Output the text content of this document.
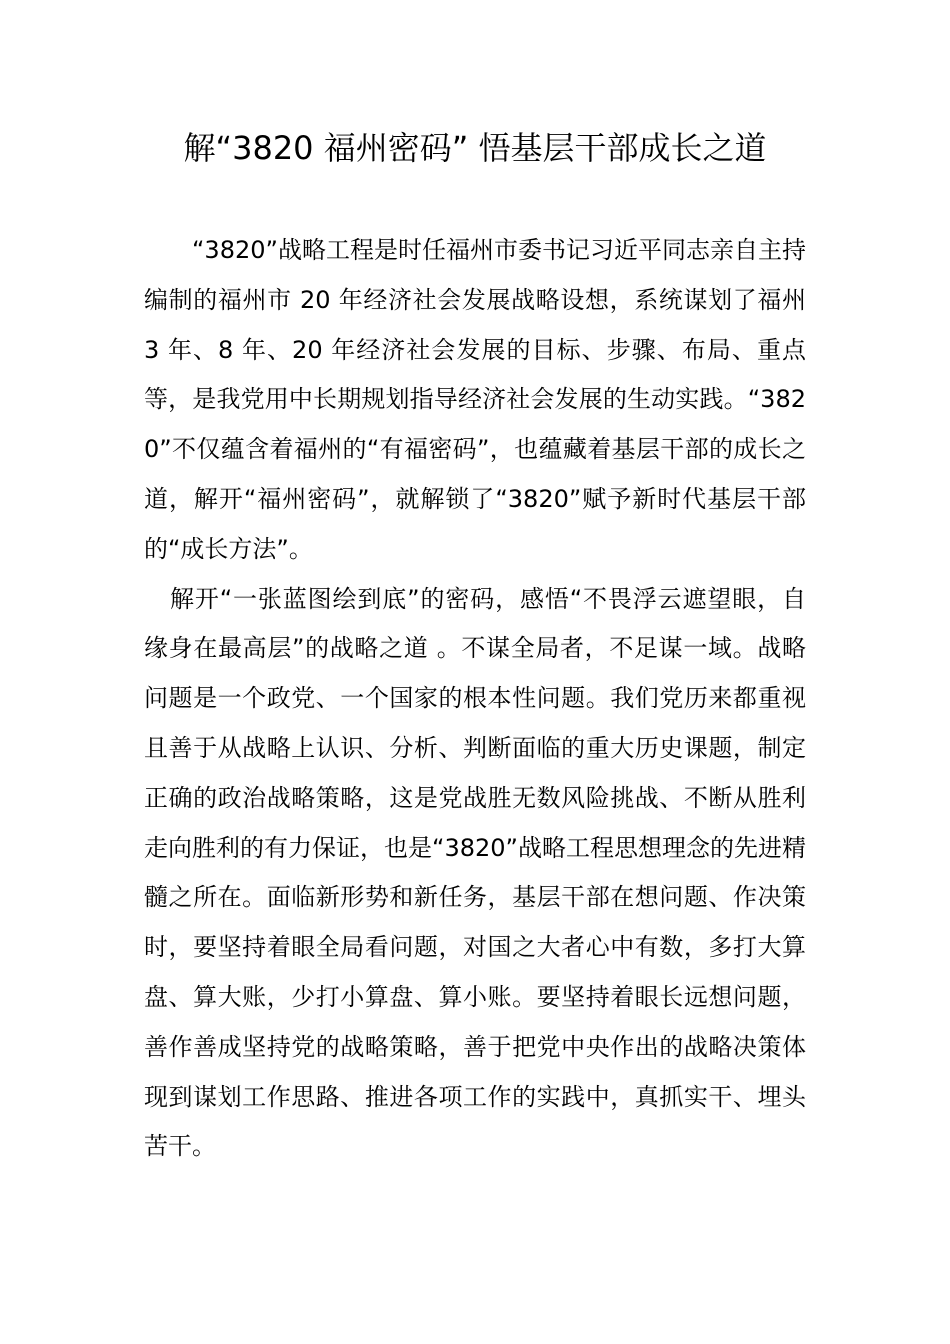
解“3820 福州密码” 悟基层干部成长之道

“3820”战略工程是时任福州市委书记习近平同志亲自主持编制的福州市 20 年经济社会发展战略设想，系统谋划了福州 3 年、8 年、20 年经济社会发展的目标、步骤、布局、重点等，是我党用中长期规划指导经济社会发展的生动实践。“3820”不仅蕴含着福州的“有福密码”，也蕴藏着基层干部的成长之道，解开“福州密码”，就解锁了“3820”赋予新时代基层干部的“成长方法”。

解开“一张蓝图绘到底”的密码，感悟“不畏浮云遮望眼，自缘身在最高层”的战略之道 。不谋全局者，不足谋一域。战略问题是一个政党、一个国家的根本性问题。我们党历来都重视且善于从战略上认识、分析、判断面临的重大历史课题，制定正确的政治战略策略，这是党战胜无数风险挑战、不断从胜利走向胜利的有力保证，也是“3820”战略工程思想理念的先进精髓之所在。面临新形势和新任务，基层干部在想问题、作决策时，要坚持着眼全局看问题，对国之大者心中有数，多打大算盘、算大账，少打小算盘、算小账。要坚持着眼长远想问题，善作善成坚持党的战略策略，善于把党中央作出的战略决策体现到谋划工作思路、推进各项工作的实践中，真抓实干、埋头苦干。
